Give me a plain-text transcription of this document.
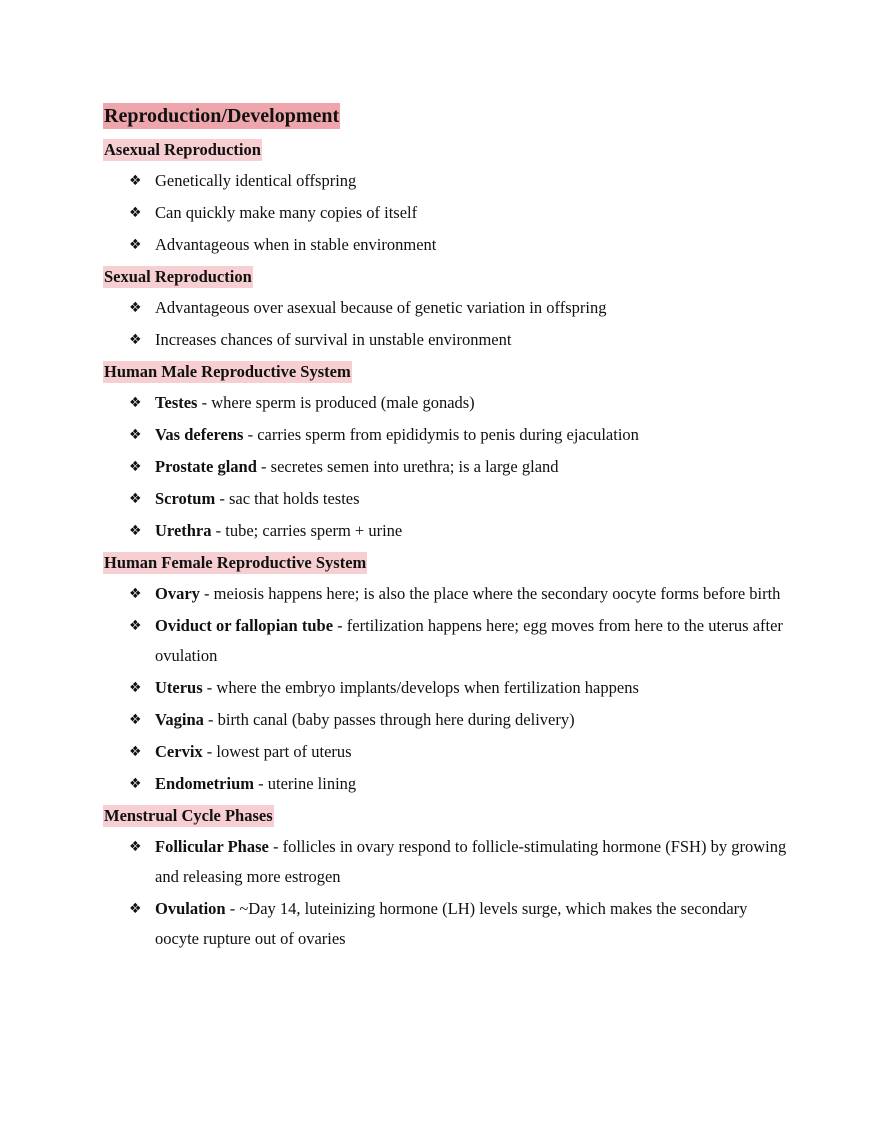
Reproduction/Development
Asexual Reproduction

❖ Genetically identical offspring
❖ Can quickly make many copies of itself
❖ Advantageous when in stable environment
Sexual Reproduction

❖ Advantageous over asexual because of genetic variation in offspring
❖ Increases chances of survival in unstable environment
Human Male Reproductive System

❖ Testes - where sperm is produced (male gonads)
❖ Vas deferens - carries sperm from epididymis to penis during ejaculation
❖ Prostate gland - secretes semen into urethra; is a large gland
❖ Scrotum - sac that holds testes
❖ Urethra - tube; carries sperm + urine
Human Female Reproductive System

❖ Ovary - meiosis happens here; is also the place where the secondary oocyte forms before birth
❖ Oviduct or fallopian tube - fertilization happens here; egg moves from here to the uterus after ovulation
❖ Uterus - where the embryo implants/develops when fertilization happens
❖ Vagina - birth canal (baby passes through here during delivery)
❖ Cervix - lowest part of uterus
❖ Endometrium - uterine lining
Menstrual Cycle Phases

❖ Follicular Phase - follicles in ovary respond to follicle-stimulating hormone (FSH) by growing and releasing more estrogen
❖ Ovulation - ~Day 14, luteinizing hormone (LH) levels surge, which makes the secondary oocyte rupture out of ovaries
